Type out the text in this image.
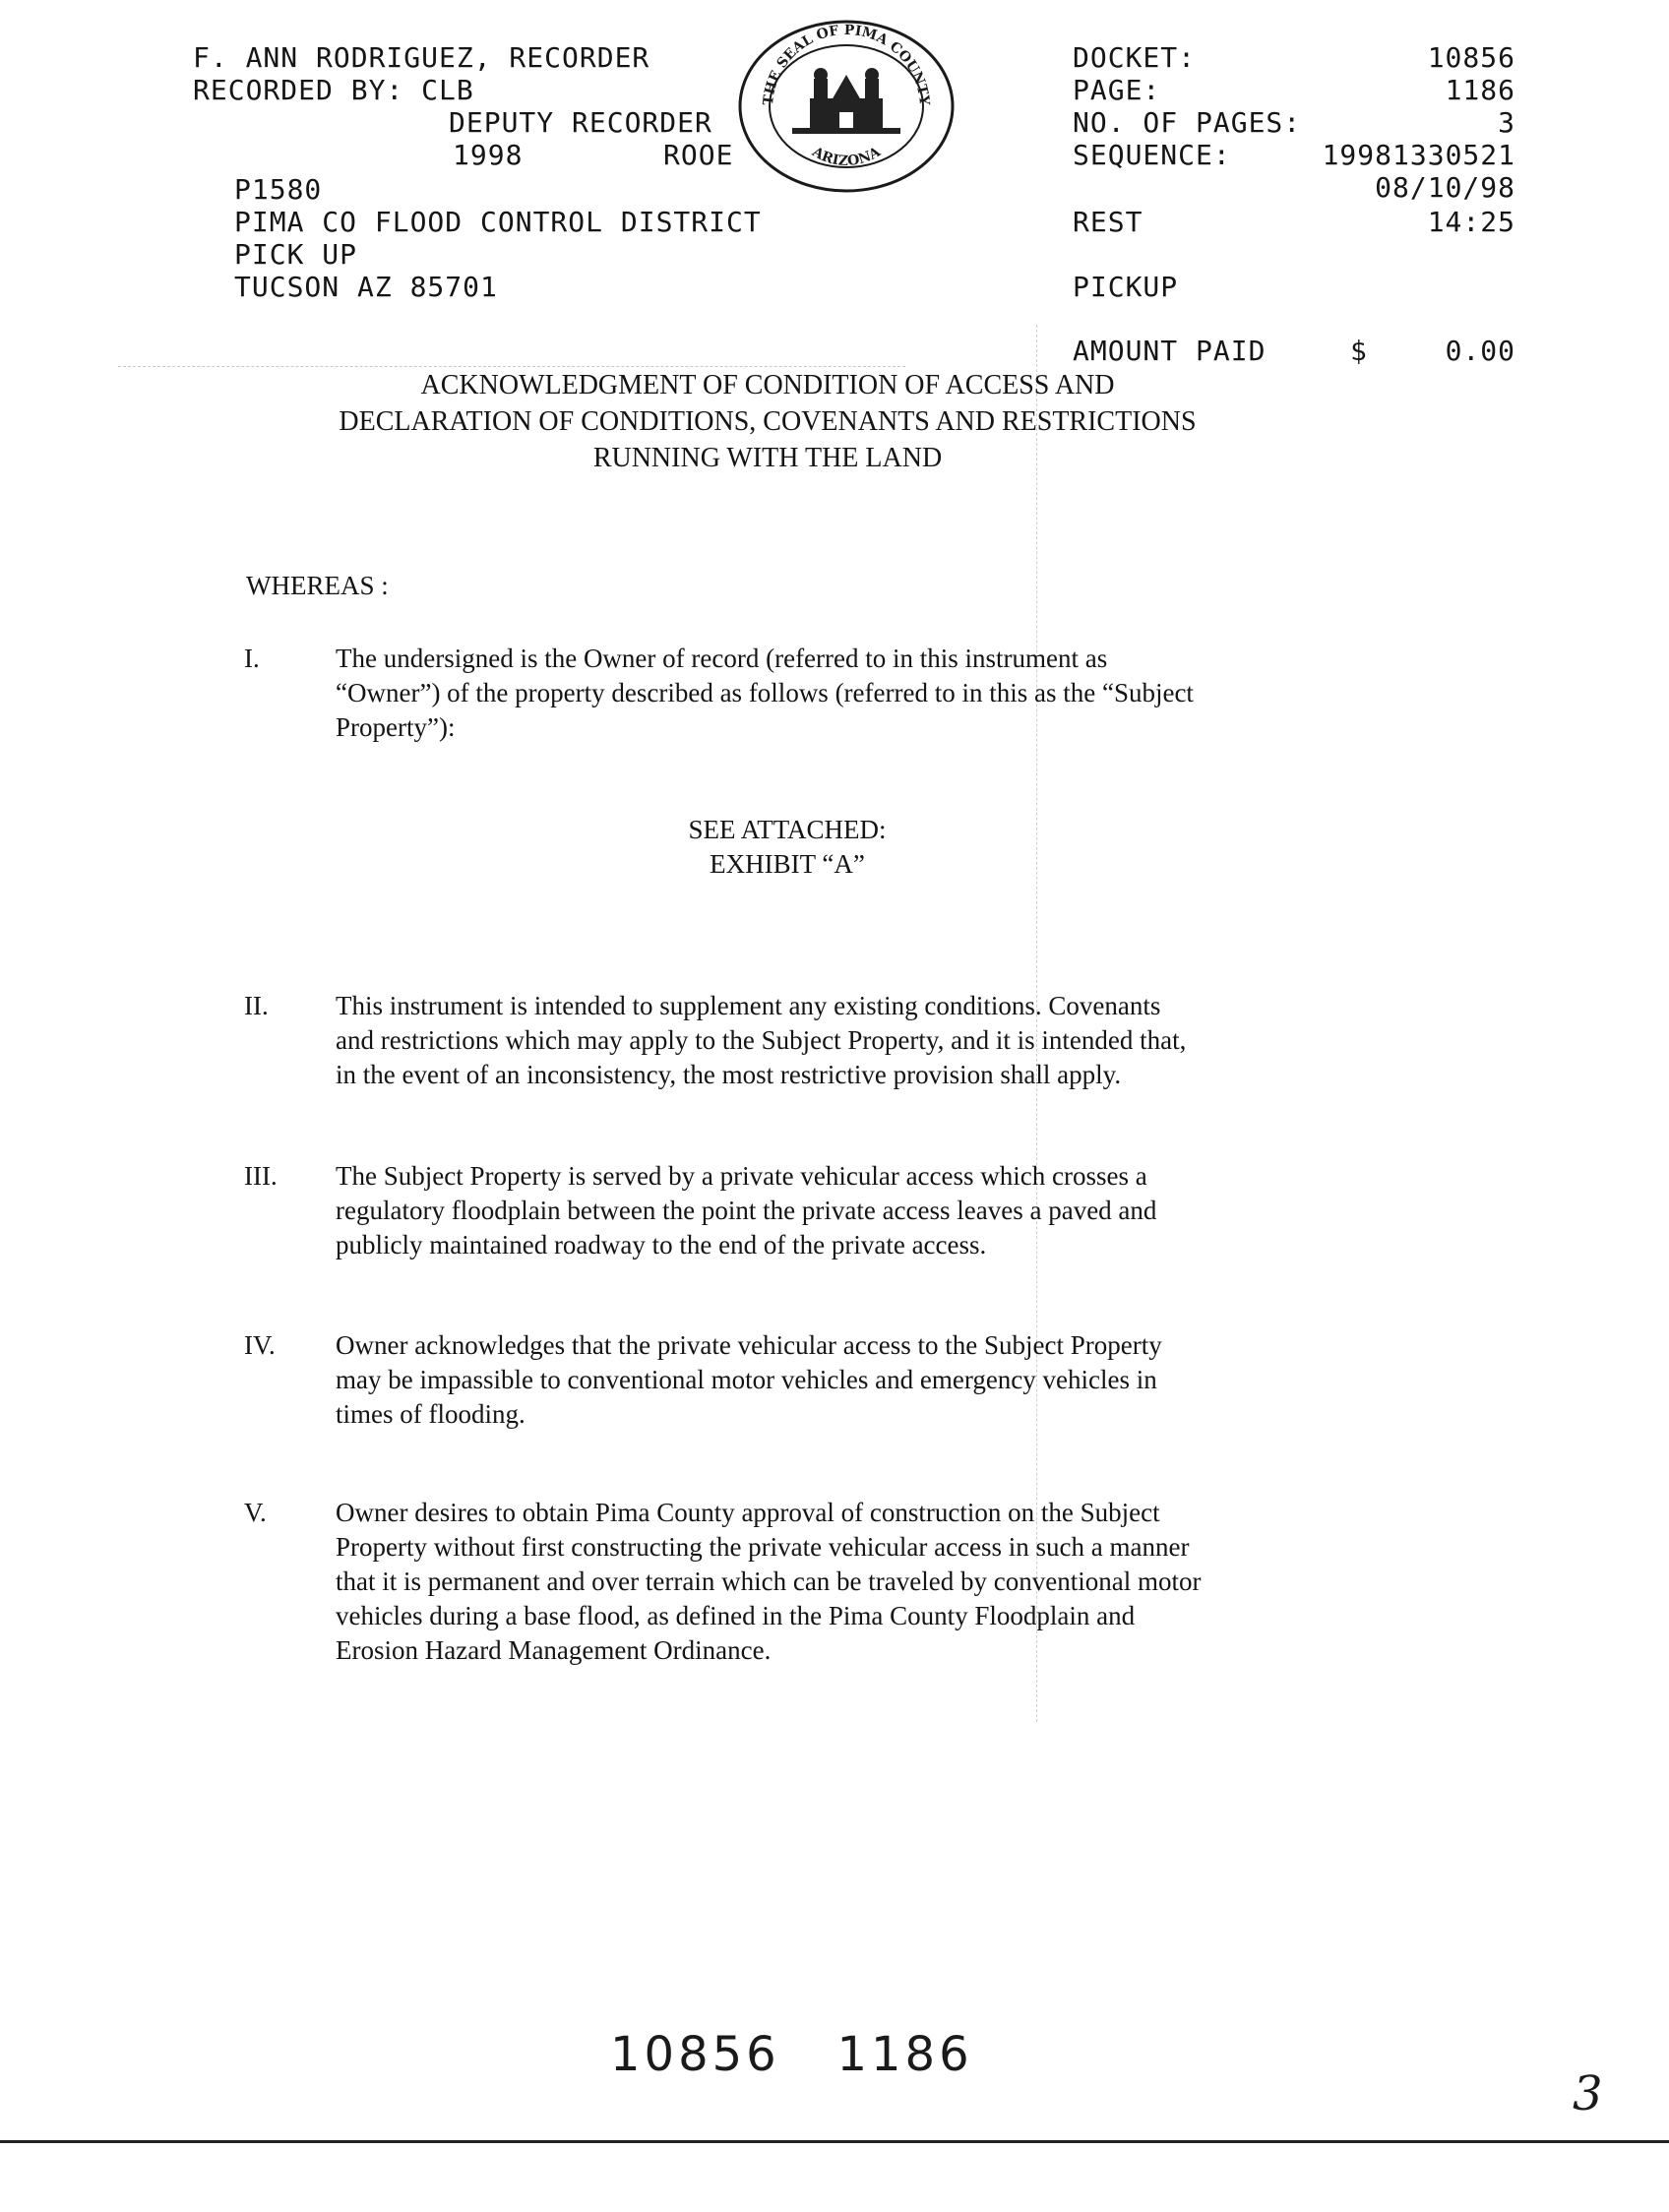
F. ANN RODRIGUEZ, RECORDER
RECORDED BY: CLB
DEPUTY RECORDER
1998	ROOE
P1580
PIMA CO FLOOD CONTROL DISTRICT
PICK UP
TUCSON AZ 85701
THE SEAL OF PIMA COUNTY
ARIZONA
DOCKET:	10856
PAGE:	1186
NO. OF PAGES:	3
SEQUENCE:	19981330521
08/10/98
REST	14:25
PICKUP
AMOUNT PAID	$	0.00
ACKNOWLEDGMENT OF CONDITION OF ACCESS AND
DECLARATION OF CONDITIONS, COVENANTS AND RESTRICTIONS
RUNNING WITH THE LAND
WHEREAS :
I.	The undersigned is the Owner of record (referred to in this instrument as
“Owner”) of the property described as follows (referred to in this as the “Subject
Property”):
SEE ATTACHED:
EXHIBIT “A”
II.	This instrument is intended to supplement any existing conditions. Covenants
and restrictions which may apply to the Subject Property, and it is intended that,
in the event of an inconsistency, the most restrictive provision shall apply.
III. The Subject Property is served by a private vehicular access which crosses a
regulatory floodplain between the point the private access leaves a paved and
publicly maintained roadway to the end of the private access.
IV. Owner acknowledges that the private vehicular access to the Subject Property
may be impassible to conventional motor vehicles and emergency vehicles in
times of flooding.
V.	Owner desires to obtain Pima County approval of construction on the Subject
Property without first constructing the private vehicular access in such a manner
that it is permanent and over terrain which can be traveled by conventional motor
vehicles during a base flood, as defined in the Pima County Floodplain and
Erosion Hazard Management Ordinance.
10856   1186
3
